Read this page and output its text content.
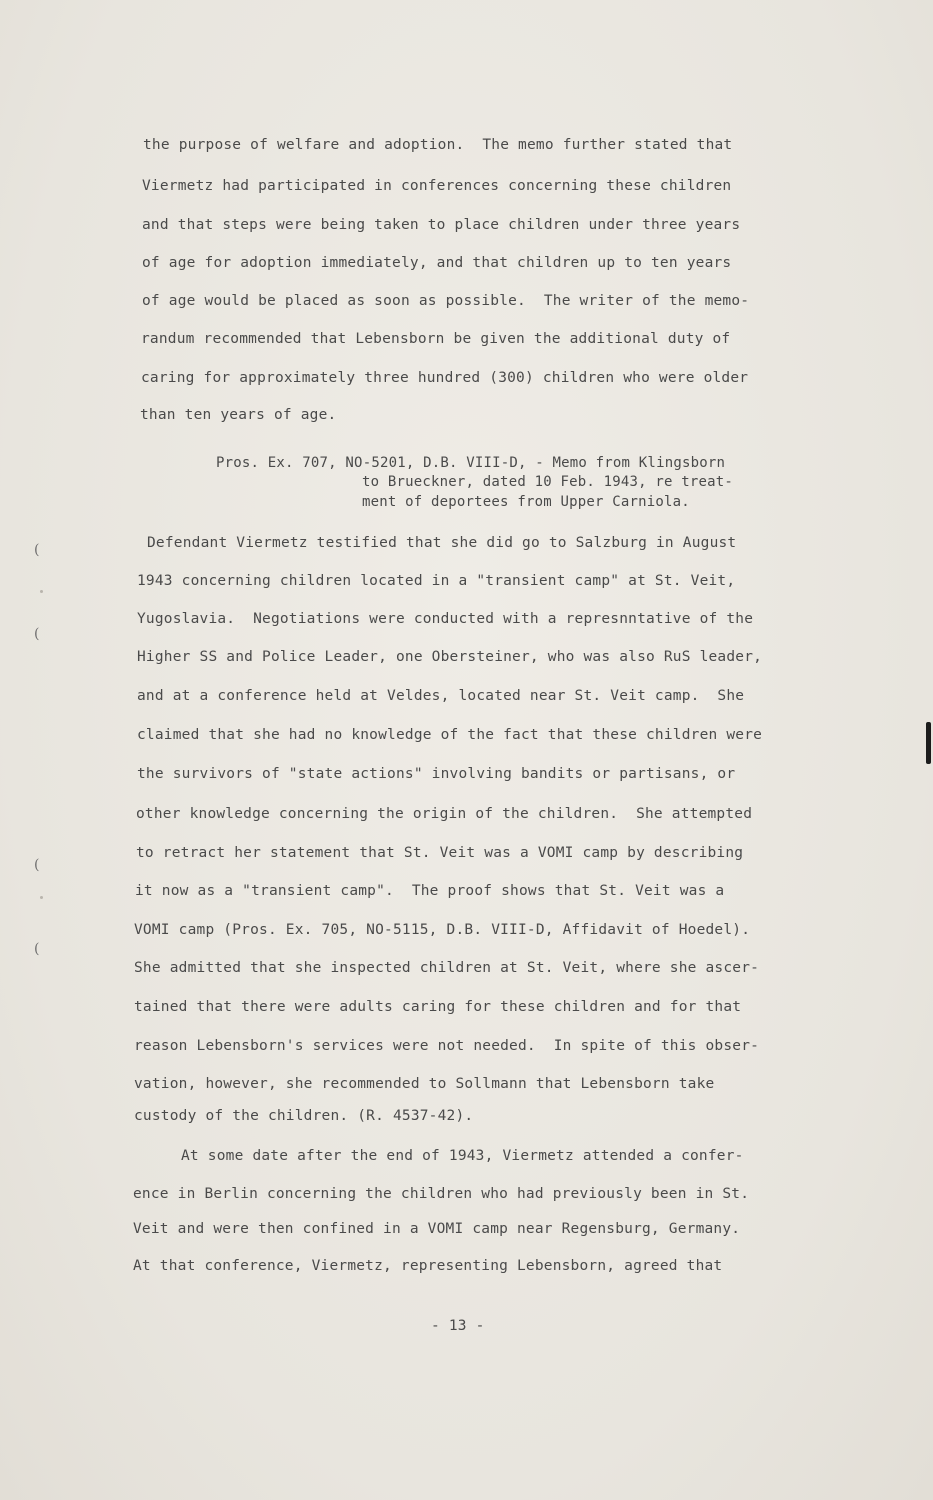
the purpose of welfare and adoption.  The memo further stated that
Viermetz had participated in conferences concerning these children
and that steps were being taken to place children under three years
of age for adoption immediately, and that children up to ten years
of age would be placed as soon as possible.  The writer of the memo-
randum recommended that Lebensborn be given the additional duty of
caring for approximately three hundred (300) children who were older
than ten years of age.
Pros. Ex. 707, NO-5201, D.B. VIII-D, - Memo from Klingsborn
to Brueckner, dated 10 Feb. 1943, re treat-
ment of deportees from Upper Carniola.
Defendant Viermetz testified that she did go to Salzburg in August
1943 concerning children located in a "transient camp" at St. Veit,
Yugoslavia.  Negotiations were conducted with a represnntative of the
Higher SS and Police Leader, one Obersteiner, who was also RuS leader,
and at a conference held at Veldes, located near St. Veit camp.  She
claimed that she had no knowledge of the fact that these children were
the survivors of "state actions" involving bandits or partisans, or
other knowledge concerning the origin of the children.  She attempted
to retract her statement that St. Veit was a VOMI camp by describing
it now as a "transient camp".  The proof shows that St. Veit was a
VOMI camp (Pros. Ex. 705, NO-5115, D.B. VIII-D, Affidavit of Hoedel).
She admitted that she inspected children at St. Veit, where she ascer-
tained that there were adults caring for these children and for that
reason Lebensborn's services were not needed.  In spite of this obser-
vation, however, she recommended to Sollmann that Lebensborn take
custody of the children. (R. 4537-42).
At some date after the end of 1943, Viermetz attended a confer-
ence in Berlin concerning the children who had previously been in St.
Veit and were then confined in a VOMI camp near Regensburg, Germany.
At that conference, Viermetz, representing Lebensborn, agreed that
- 13 -
(
(
(
(
